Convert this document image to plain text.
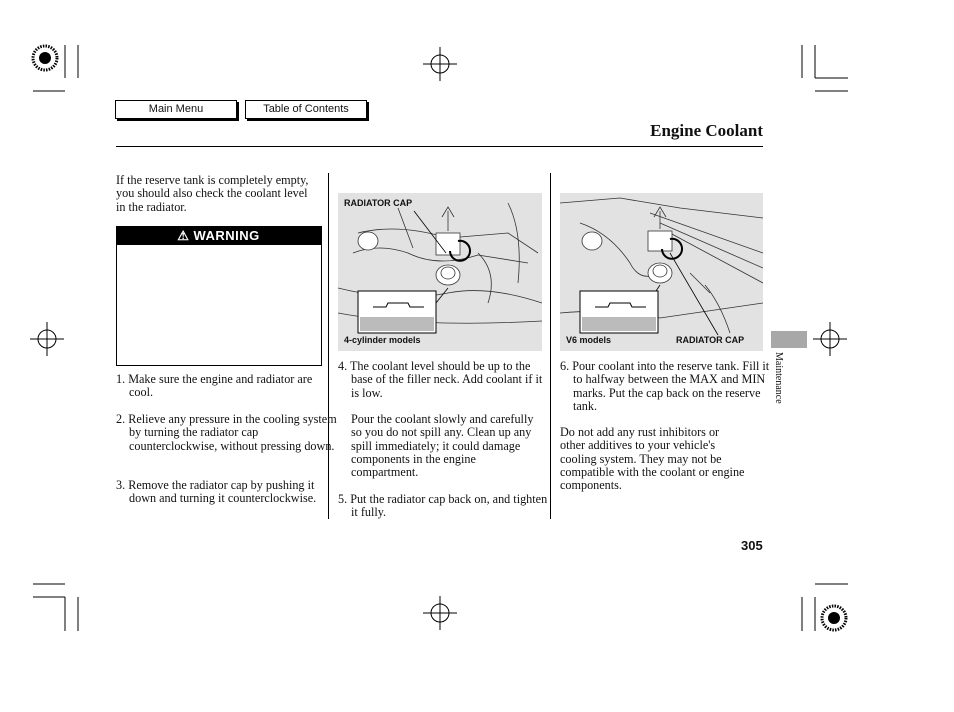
Main Menu	Table of Contents
Engine Coolant

If the reserve tank is completely empty, you should also check the coolant level in the radiator.

⚠ WARNING

1. Make sure the engine and radiator are cool.

2. Relieve any pressure in the cooling system by turning the radiator cap counterclockwise, without pressing down.

3. Remove the radiator cap by pushing it down and turning it counterclockwise.

RADIATOR CAP
4-cylinder models

4. The coolant level should be up to the base of the filler neck. Add coolant if it is low.

Pour the coolant slowly and carefully so you do not spill any. Clean up any spill immediately; it could damage components in the engine compartment.

5. Put the radiator cap back on, and tighten it fully.

V6 models	RADIATOR CAP

6. Pour coolant into the reserve tank. Fill it to halfway between the MAX and MIN marks. Put the cap back on the reserve tank.

Do not add any rust inhibitors or other additives to your vehicle's cooling system. They may not be compatible with the coolant or engine components.

Maintenance
305
